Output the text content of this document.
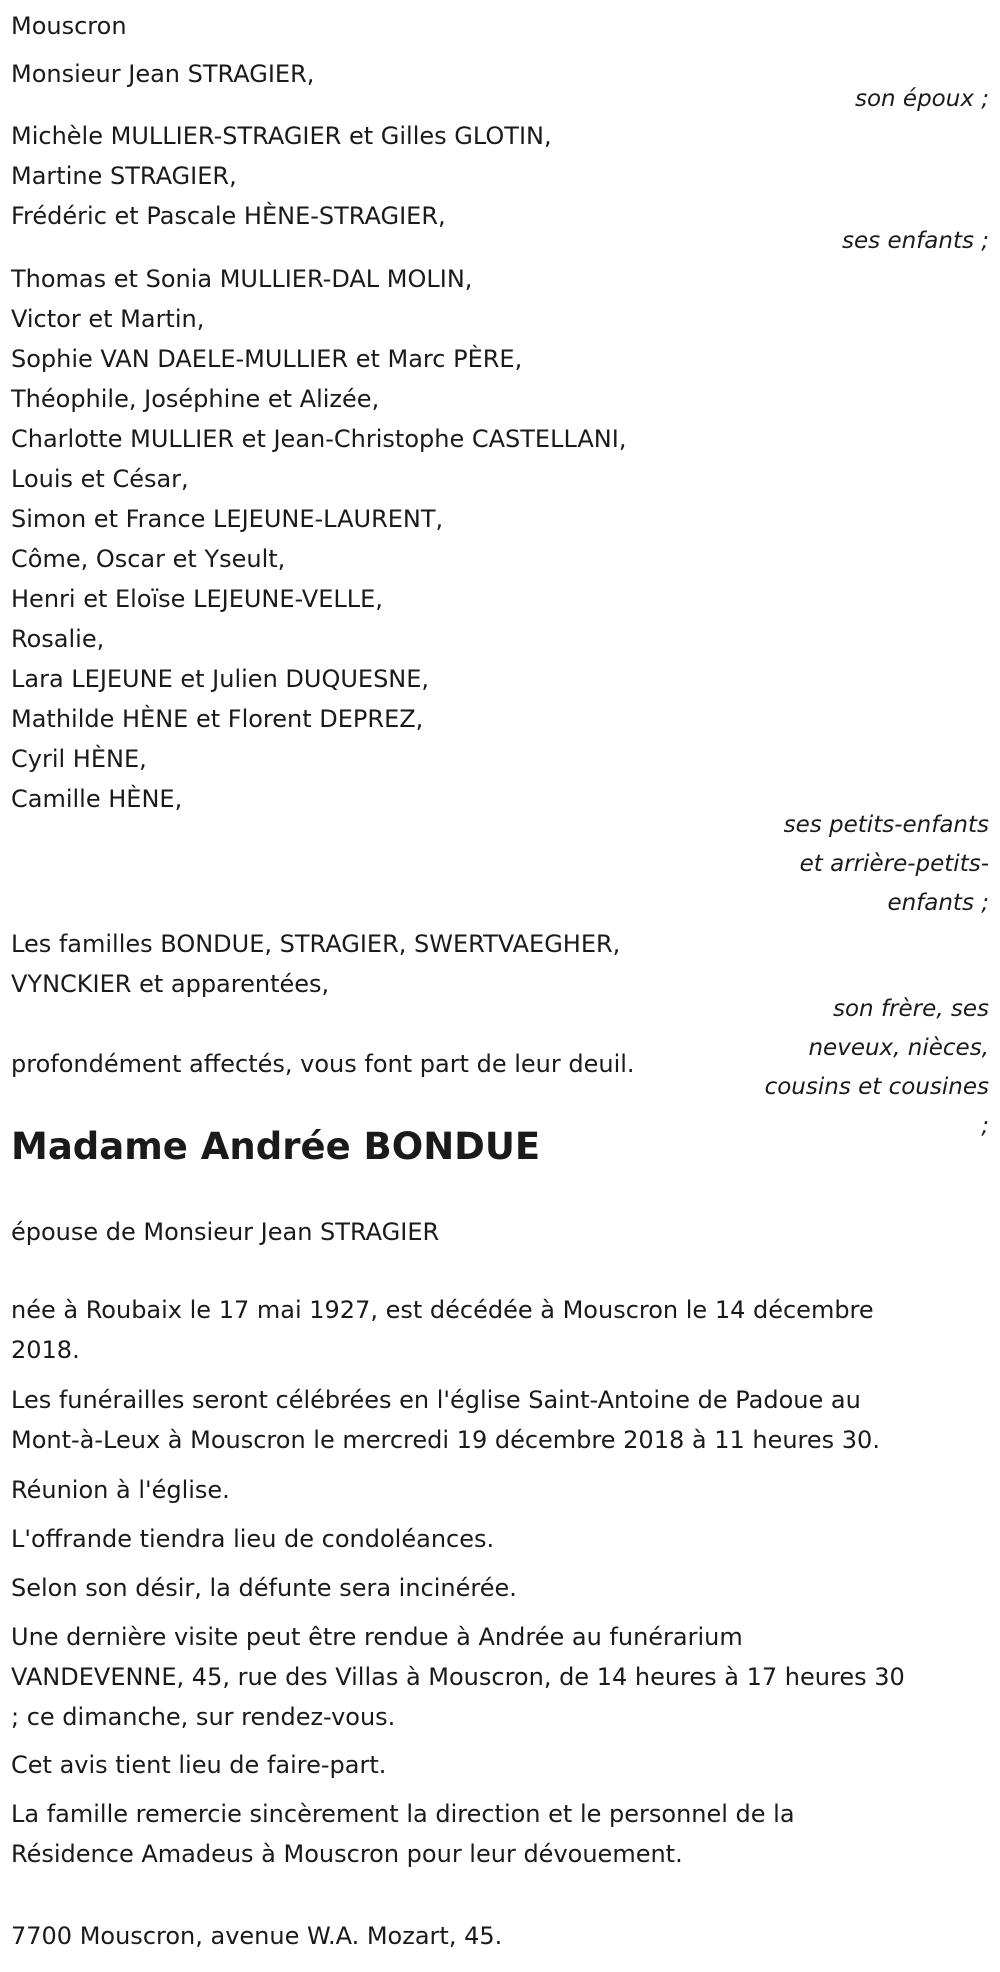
Mouscron

Monsieur Jean STRAGIER,

son époux ;

Michèle MULLIER-STRAGIER et Gilles GLOTIN,

Martine STRAGIER,

Frédéric et Pascale HÈNE-STRAGIER,

ses enfants ;

Thomas et Sonia MULLIER-DAL MOLIN,

Victor et Martin,

Sophie VAN DAELE-MULLIER et Marc PÈRE,

Théophile, Joséphine et Alizée,

Charlotte MULLIER et Jean-Christophe CASTELLANI,

Louis et César,

Simon et France LEJEUNE-LAURENT,

Côme, Oscar et Yseult,

Henri et Eloïse LEJEUNE-VELLE,

Rosalie,

Lara LEJEUNE et Julien DUQUESNE,

Mathilde HÈNE et Florent DEPREZ,

Cyril HÈNE,

Camille HÈNE,

ses petits-enfants
et arrière-petits-
enfants ;

Les familles BONDUE, STRAGIER, SWERTVAEGHER,

VYNCKIER et apparentées,

son frère, ses
neveux, nièces,
cousins et cousines
;

profondément affectés, vous font part de leur deuil.

Madame Andrée BONDUE

épouse de Monsieur Jean STRAGIER

née à Roubaix le 17 mai 1927, est décédée à Mouscron le 14 décembre
2018.

Les funérailles seront célébrées en l'église Saint-Antoine de Padoue au
Mont-à-Leux à Mouscron le mercredi 19 décembre 2018 à 11 heures 30.

Réunion à l'église.

L'offrande tiendra lieu de condoléances.

Selon son désir, la défunte sera incinérée.

Une dernière visite peut être rendue à Andrée au funérarium
VANDEVENNE, 45, rue des Villas à Mouscron, de 14 heures à 17 heures 30
; ce dimanche, sur rendez-vous.

Cet avis tient lieu de faire-part.

La famille remercie sincèrement la direction et le personnel de la
Résidence Amadeus à Mouscron pour leur dévouement.

7700 Mouscron, avenue W.A. Mozart, 45.
